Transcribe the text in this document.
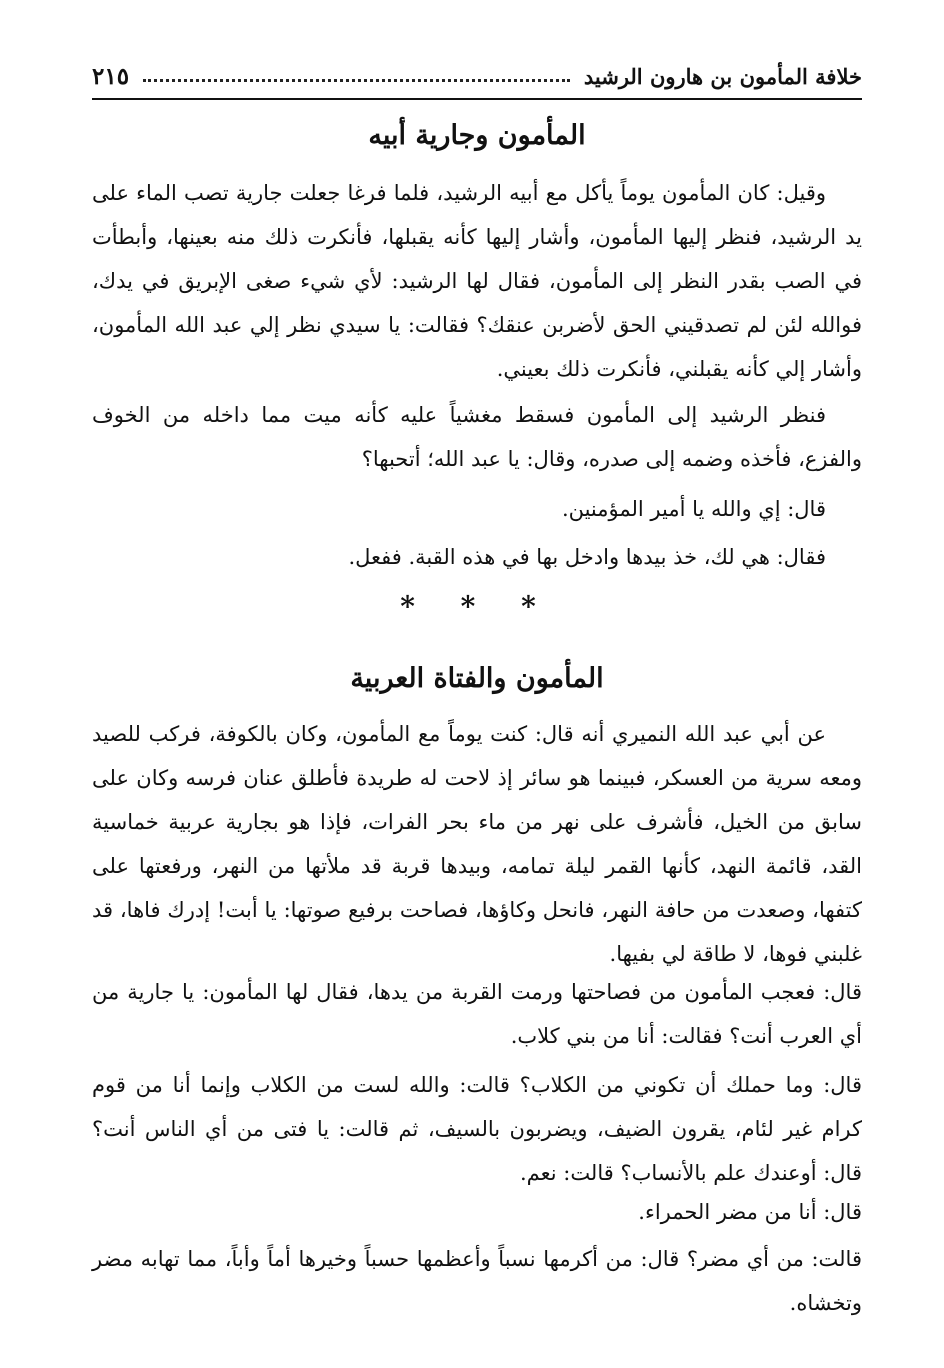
خلافة المأمون بن هارون الرشيد
٢١٥
المأمون وجارية أبيه

وقيل: كان المأمون يوماً يأكل مع أبيه الرشيد، فلما فرغا جعلت جارية تصب الماء على يد الرشيد، فنظر إليها المأمون، وأشار إليها كأنه يقبلها، فأنكرت ذلك منه بعينها، وأبطأت في الصب بقدر النظر إلى المأمون، فقال لها الرشيد: لأي شيء صغى الإبريق في يدك، فوالله لئن لم تصدقيني الحق لأضربن عنقك؟ فقالت: يا سيدي نظر إلي عبد الله المأمون، وأشار إلي كأنه يقبلني، فأنكرت ذلك بعيني.

فنظر الرشيد إلى المأمون فسقط مغشياً عليه كأنه ميت مما داخله من الخوف والفزع، فأخذه وضمه إلى صدره، وقال: يا عبد الله؛ أتحبها؟

قال: إي والله يا أمير المؤمنين.

فقال: هي لك، خذ بيدها وادخل بها في هذه القبة. ففعل.

* * *
المأمون والفتاة العربية

عن أبي عبد الله النميري أنه قال: كنت يوماً مع المأمون، وكان بالكوفة، فركب للصيد ومعه سرية من العسكر، فبينما هو سائر إذ لاحت له طريدة فأطلق عنان فرسه وكان على سابق من الخيل، فأشرف على نهر من ماء بحر الفرات، فإذا هو بجارية عربية خماسية القد، قائمة النهد، كأنها القمر ليلة تمامه، وبيدها قربة قد ملأتها من النهر، ورفعتها على كتفها، وصعدت من حافة النهر، فانحل وكاؤها، فصاحت برفيع صوتها: يا أبت! إدرك فاها، قد غلبني فوها، لا طاقة لي بفيها.

قال: فعجب المأمون من فصاحتها ورمت القربة من يدها، فقال لها المأمون: يا جارية من أي العرب أنت؟ فقالت: أنا من بني كلاب.

قال: وما حملك أن تكوني من الكلاب؟ قالت: والله لست من الكلاب وإنما أنا من قوم كرام غير لئام، يقرون الضيف، ويضربون بالسيف، ثم قالت: يا فتى من أي الناس أنت؟ قال: أوعندك علم بالأنساب؟ قالت: نعم.

قال: أنا من مضر الحمراء.

قالت: من أي مضر؟ قال: من أكرمها نسباً وأعظمها حسباً وخيرها أماً وأباً، مما تهابه مضر وتخشاه.
